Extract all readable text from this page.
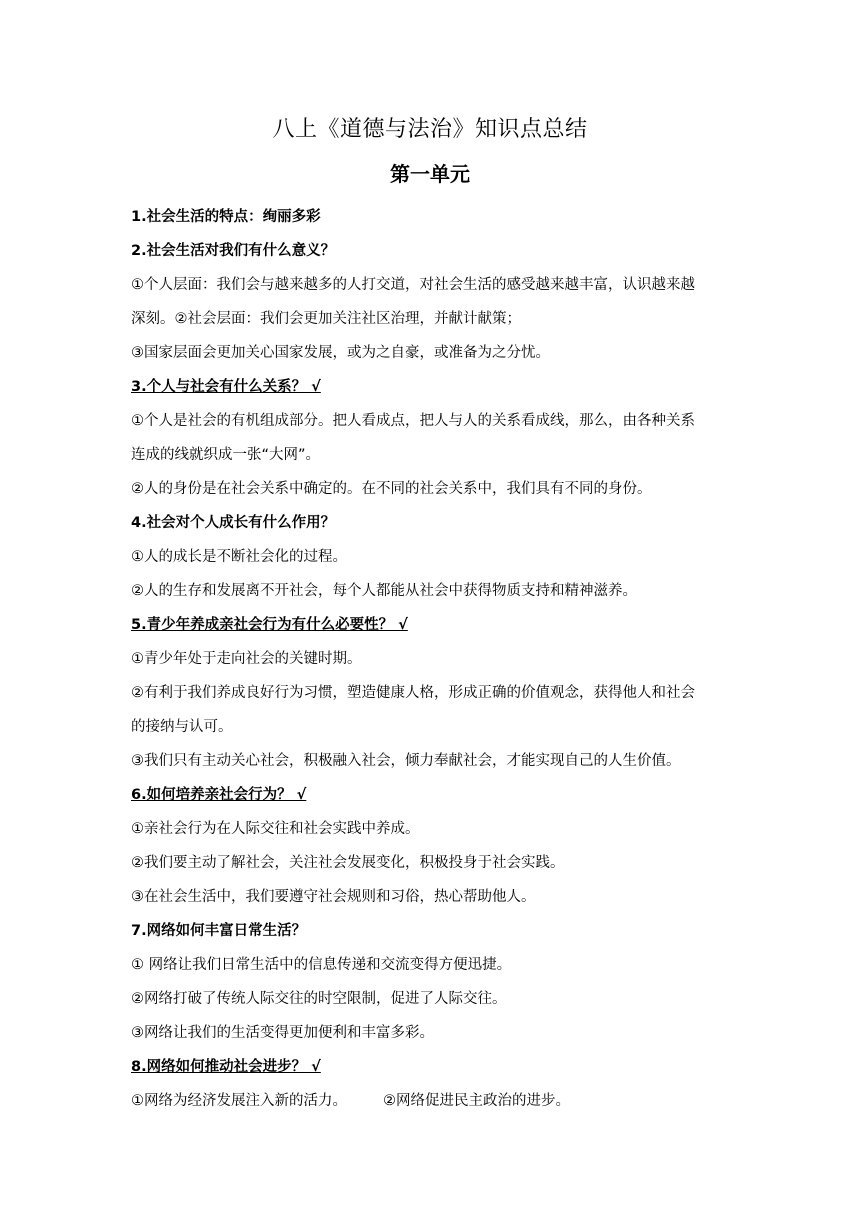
八上《道德与法治》知识点总结
第一单元
1.社会生活的特点：绚丽多彩
2.社会生活对我们有什么意义？
①个人层面：我们会与越来越多的人打交道，对社会生活的感受越来越丰富，认识越来越
深刻。②社会层面：我们会更加关注社区治理，并献计献策；
③国家层面会更加关心国家发展，或为之自豪，或准备为之分忧。
3.个人与社会有什么关系？ √
①个人是社会的有机组成部分。把人看成点，把人与人的关系看成线，那么，由各种关系
连成的线就织成一张“大网”。
②人的身份是在社会关系中确定的。在不同的社会关系中，我们具有不同的身份。
4.社会对个人成长有什么作用？
①人的成长是不断社会化的过程。
②人的生存和发展离不开社会，每个人都能从社会中获得物质支持和精神滋养。
5.青少年养成亲社会行为有什么必要性？ √
①青少年处于走向社会的关键时期。
②有利于我们养成良好行为习惯，塑造健康人格，形成正确的价值观念，获得他人和社会
的接纳与认可。
③我们只有主动关心社会，积极融入社会，倾力奉献社会，才能实现自己的人生价值。
6.如何培养亲社会行为？ √
①亲社会行为在人际交往和社会实践中养成。
②我们要主动了解社会，关注社会发展变化，积极投身于社会实践。
③在社会生活中，我们要遵守社会规则和习俗，热心帮助他人。
7.网络如何丰富日常生活？
① 网络让我们日常生活中的信息传递和交流变得方便迅捷。
②网络打破了传统人际交往的时空限制，促进了人际交往。
③网络让我们的生活变得更加便利和丰富多彩。
8.网络如何推动社会进步？ √
①网络为经济发展注入新的活力。 ②网络促进民主政治的进步。
